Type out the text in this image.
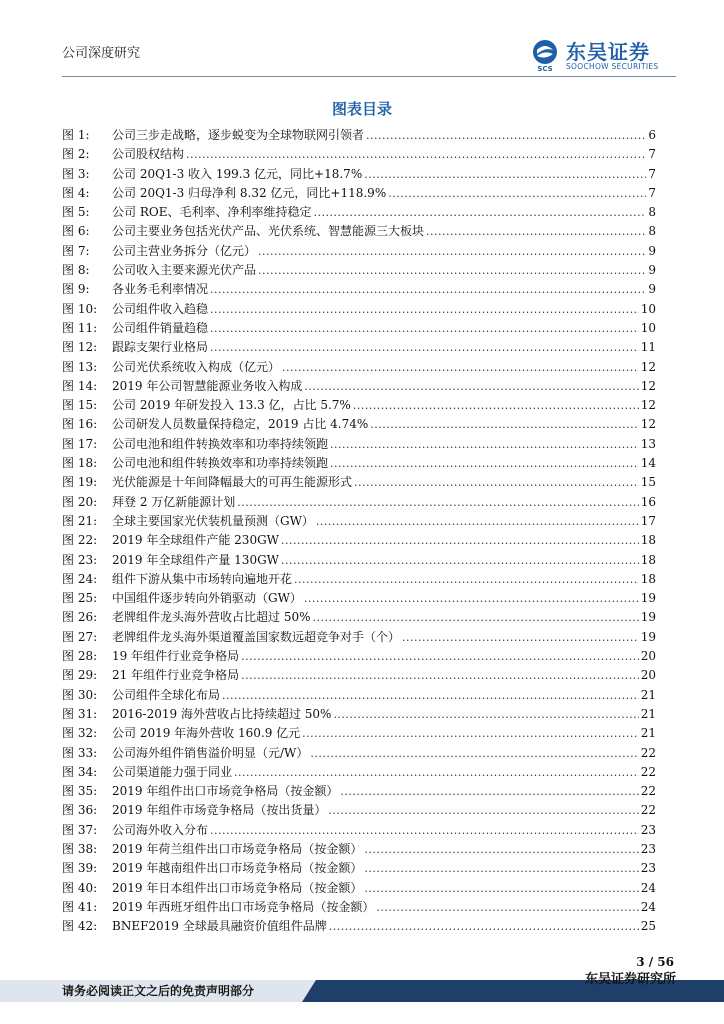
公司深度研究
SCS
东吴证券
SOOCHOW SECURITIES
图表目录
图 1:	公司三步走战略，逐步蜕变为全球物联网引领者 .....	6
图 2:	公司股权结构 .....	7
图 3:	公司 20Q1-3 收入 199.3 亿元，同比+18.7% .....	7
图 4:	公司 20Q1-3 归母净利 8.32 亿元，同比+118.9% .....	7
图 5:	公司 ROE、毛利率、净利率维持稳定 .....	8
图 6:	公司主要业务包括光伏产品、光伏系统、智慧能源三大板块 .....	8
图 7:	公司主营业务拆分（亿元） .....	9
图 8:	公司收入主要来源光伏产品 .....	9
图 9:	各业务毛利率情况 .....	9
图 10:	公司组件收入趋稳 .....	10
图 11:	公司组件销量趋稳 .....	10
图 12:	跟踪支架行业格局 .....	11
图 13:	公司光伏系统收入构成（亿元） .....	12
图 14:	2019 年公司智慧能源业务收入构成 .....	12
图 15:	公司 2019 年研发投入 13.3 亿，占比 5.7% .....	12
图 16:	公司研发人员数量保持稳定，2019 占比 4.74% .....	12
图 17:	公司电池和组件转换效率和功率持续领跑 .....	13
图 18:	公司电池和组件转换效率和功率持续领跑 .....	14
图 19:	光伏能源是十年间降幅最大的可再生能源形式 .....	15
图 20:	拜登 2 万亿新能源计划 .....	16
图 21:	全球主要国家光伏装机量预测（GW） .....	17
图 22:	2019 年全球组件产能 230GW .....	18
图 23:	2019 年全球组件产量 130GW .....	18
图 24:	组件下游从集中市场转向遍地开花 .....	18
图 25:	中国组件逐步转向外销驱动（GW） .....	19
图 26:	老牌组件龙头海外营收占比超过 50% .....	19
图 27:	老牌组件龙头海外渠道覆盖国家数远超竞争对手（个） .....	19
图 28:	19 年组件行业竞争格局 .....	20
图 29:	21 年组件行业竞争格局 .....	20
图 30:	公司组件全球化布局 .....	21
图 31:	2016-2019 海外营收占比持续超过 50% .....	21
图 32:	公司 2019 年海外营收 160.9 亿元 .....	21
图 33:	公司海外组件销售溢价明显（元/W） .....	22
图 34:	公司渠道能力强于同业 .....	22
图 35:	2019 年组件出口市场竞争格局（按金额） .....	22
图 36:	2019 年组件市场竞争格局（按出货量） .....	22
图 37:	公司海外收入分布 .....	23
图 38:	2019 年荷兰组件出口市场竞争格局（按金额） .....	23
图 39:	2019 年越南组件出口市场竞争格局（按金额） .....	23
图 40:	2019 年日本组件出口市场竞争格局（按金额） .....	24
图 41:	2019 年西班牙组件出口市场竞争格局（按金额） .....	24
图 42:	BNEF2019 全球最具融资价值组件品牌 .....	25
3 / 56
请务必阅读正文之后的免责声明部分
东吴证券研究所
